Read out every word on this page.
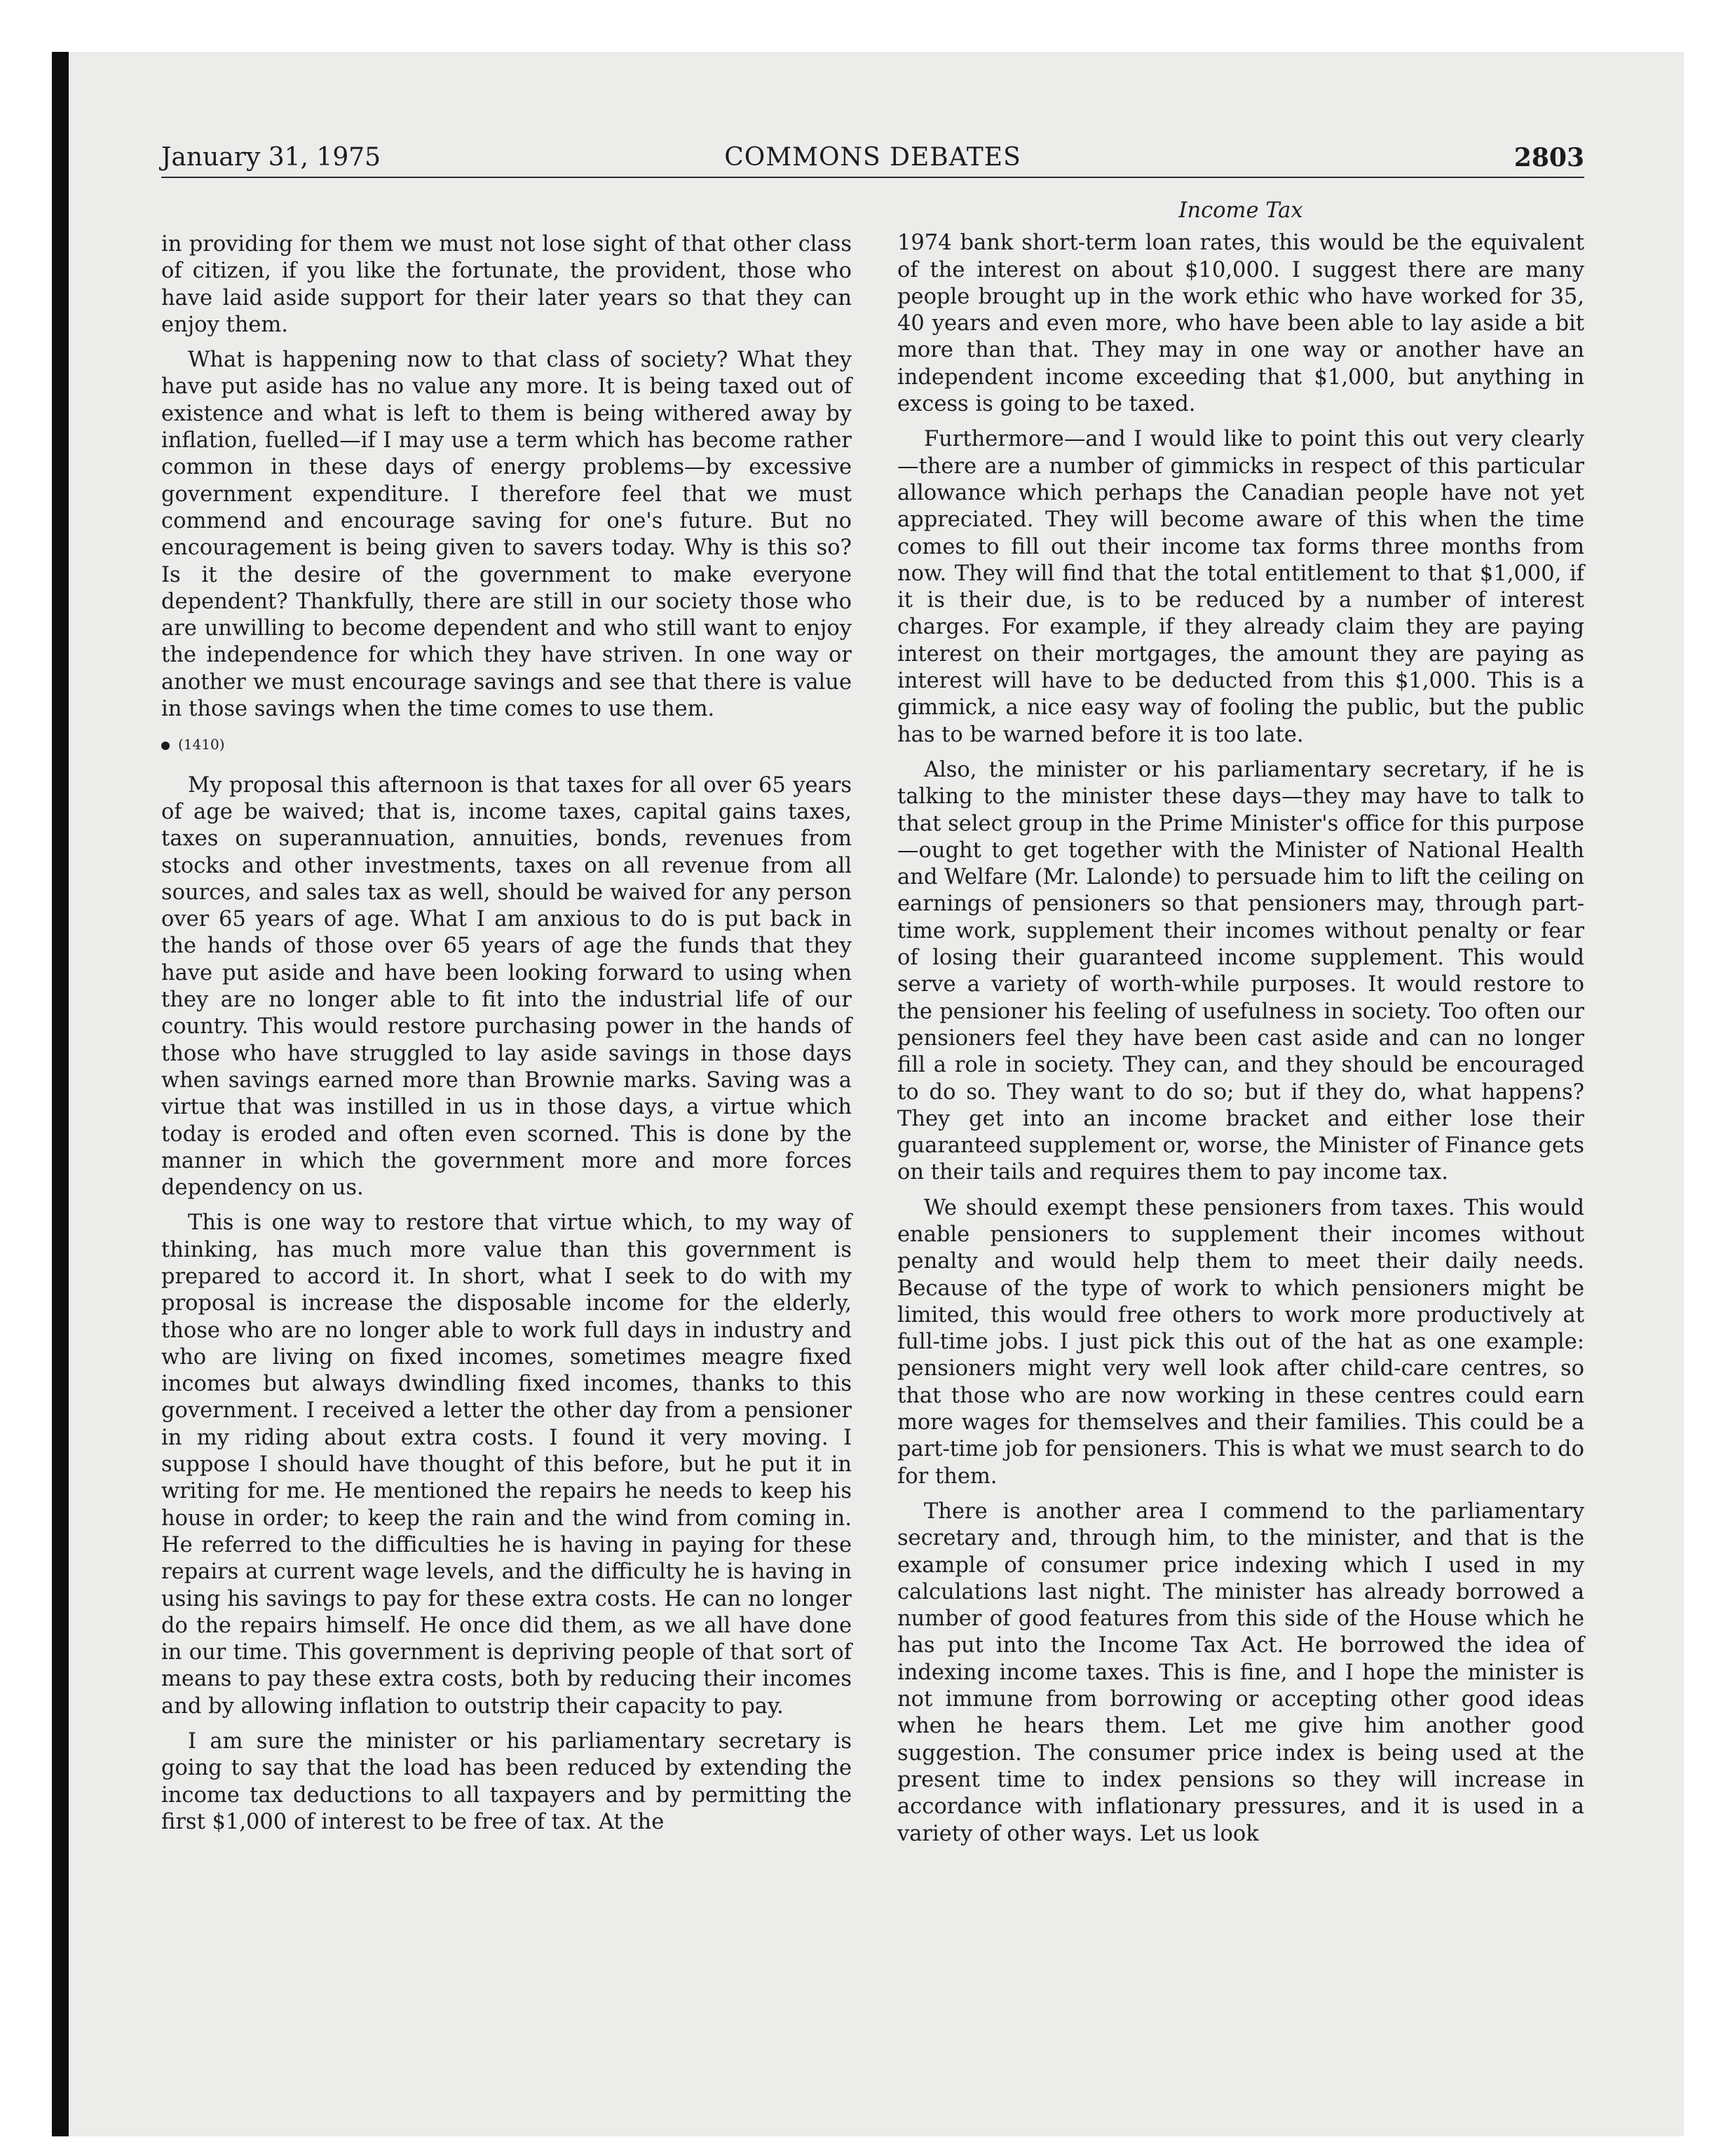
January 31, 1975	COMMONS DEBATES	2803

in providing for them we must not lose sight of that other class of citizen, if you like the fortunate, the provident, those who have laid aside support for their later years so that they can enjoy them.

What is happening now to that class of society? What they have put aside has no value any more. It is being taxed out of existence and what is left to them is being withered away by inflation, fuelled—if I may use a term which has become rather common in these days of energy problems—by excessive government expenditure. I therefore feel that we must commend and encourage saving for one's future. But no encouragement is being given to savers today. Why is this so? Is it the desire of the government to make everyone dependent? Thankfully, there are still in our society those who are unwilling to become dependent and who still want to enjoy the independence for which they have striven. In one way or another we must encourage savings and see that there is value in those savings when the time comes to use them.

(1410)

My proposal this afternoon is that taxes for all over 65 years of age be waived; that is, income taxes, capital gains taxes, taxes on superannuation, annuities, bonds, revenues from stocks and other investments, taxes on all revenue from all sources, and sales tax as well, should be waived for any person over 65 years of age. What I am anxious to do is put back in the hands of those over 65 years of age the funds that they have put aside and have been looking forward to using when they are no longer able to fit into the industrial life of our country. This would restore purchasing power in the hands of those who have struggled to lay aside savings in those days when savings earned more than Brownie marks. Saving was a virtue that was instilled in us in those days, a virtue which today is eroded and often even scorned. This is done by the manner in which the government more and more forces dependency on us.

This is one way to restore that virtue which, to my way of thinking, has much more value than this government is prepared to accord it. In short, what I seek to do with my proposal is increase the disposable income for the elderly, those who are no longer able to work full days in industry and who are living on fixed incomes, sometimes meagre fixed incomes but always dwindling fixed incomes, thanks to this government. I received a letter the other day from a pensioner in my riding about extra costs. I found it very moving. I suppose I should have thought of this before, but he put it in writing for me. He mentioned the repairs he needs to keep his house in order; to keep the rain and the wind from coming in. He referred to the difficulties he is having in paying for these repairs at current wage levels, and the difficulty he is having in using his savings to pay for these extra costs. He can no longer do the repairs himself. He once did them, as we all have done in our time. This government is depriving people of that sort of means to pay these extra costs, both by reducing their incomes and by allowing inflation to outstrip their capacity to pay.

I am sure the minister or his parliamentary secretary is going to say that the load has been reduced by extending the income tax deductions to all taxpayers and by permitting the first $1,000 of interest to be free of tax. At the

Income Tax

1974 bank short-term loan rates, this would be the equivalent of the interest on about $10,000. I suggest there are many people brought up in the work ethic who have worked for 35, 40 years and even more, who have been able to lay aside a bit more than that. They may in one way or another have an independent income exceeding that $1,000, but anything in excess is going to be taxed.

Furthermore—and I would like to point this out very clearly—there are a number of gimmicks in respect of this particular allowance which perhaps the Canadian people have not yet appreciated. They will become aware of this when the time comes to fill out their income tax forms three months from now. They will find that the total entitlement to that $1,000, if it is their due, is to be reduced by a number of interest charges. For example, if they already claim they are paying interest on their mortgages, the amount they are paying as interest will have to be deducted from this $1,000. This is a gimmick, a nice easy way of fooling the public, but the public has to be warned before it is too late.

Also, the minister or his parliamentary secretary, if he is talking to the minister these days—they may have to talk to that select group in the Prime Minister's office for this purpose—ought to get together with the Minister of National Health and Welfare (Mr. Lalonde) to persuade him to lift the ceiling on earnings of pensioners so that pensioners may, through part-time work, supplement their incomes without penalty or fear of losing their guaranteed income supplement. This would serve a variety of worth-while purposes. It would restore to the pensioner his feeling of usefulness in society. Too often our pensioners feel they have been cast aside and can no longer fill a role in society. They can, and they should be encouraged to do so. They want to do so; but if they do, what happens? They get into an income bracket and either lose their guaranteed supplement or, worse, the Minister of Finance gets on their tails and requires them to pay income tax.

We should exempt these pensioners from taxes. This would enable pensioners to supplement their incomes without penalty and would help them to meet their daily needs. Because of the type of work to which pensioners might be limited, this would free others to work more productively at full-time jobs. I just pick this out of the hat as one example: pensioners might very well look after child-care centres, so that those who are now working in these centres could earn more wages for themselves and their families. This could be a part-time job for pensioners. This is what we must search to do for them.

There is another area I commend to the parliamentary secretary and, through him, to the minister, and that is the example of consumer price indexing which I used in my calculations last night. The minister has already borrowed a number of good features from this side of the House which he has put into the Income Tax Act. He borrowed the idea of indexing income taxes. This is fine, and I hope the minister is not immune from borrowing or accepting other good ideas when he hears them. Let me give him another good suggestion. The consumer price index is being used at the present time to index pensions so they will increase in accordance with inflationary pressures, and it is used in a variety of other ways. Let us look
